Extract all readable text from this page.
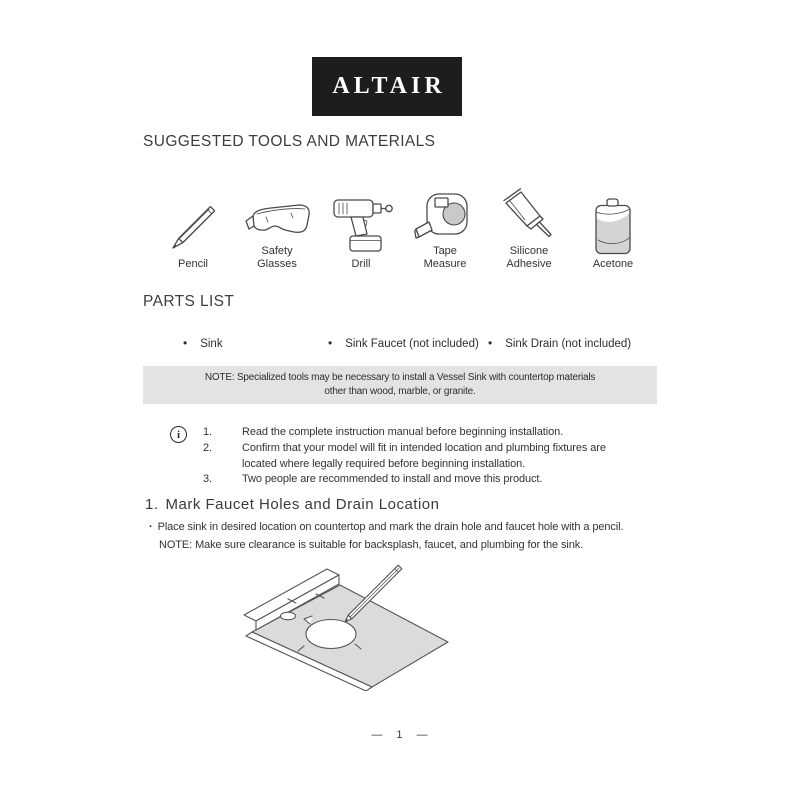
ALTAIR
SUGGESTED TOOLS AND MATERIALS
Pencil
Safety
Glasses	Drill
Tape
Measure
Silicone
Adhesive	Acetone
PARTS LIST
• Sink	• Sink Faucet (not included)	• Sink Drain (not included)
NOTE: Specialized tools may be necessary to install a Vessel Sink with countertop materials
other than wood, marble, or granite.
i 1.	Read the complete instruction manual before beginning installation.
2.	Confirm that your model will fit in intended location and plumbing fixtures are
located where legally required before beginning installation.
3.	Two people are recommended to install and move this product.
1. Mark Faucet Holes and Drain Location
· Place sink in desired location on countertop and mark the drain hole and faucet hole with a pencil.
NOTE: Make sure clearance is suitable for backsplash, faucet, and plumbing for the sink.
— 1 —
